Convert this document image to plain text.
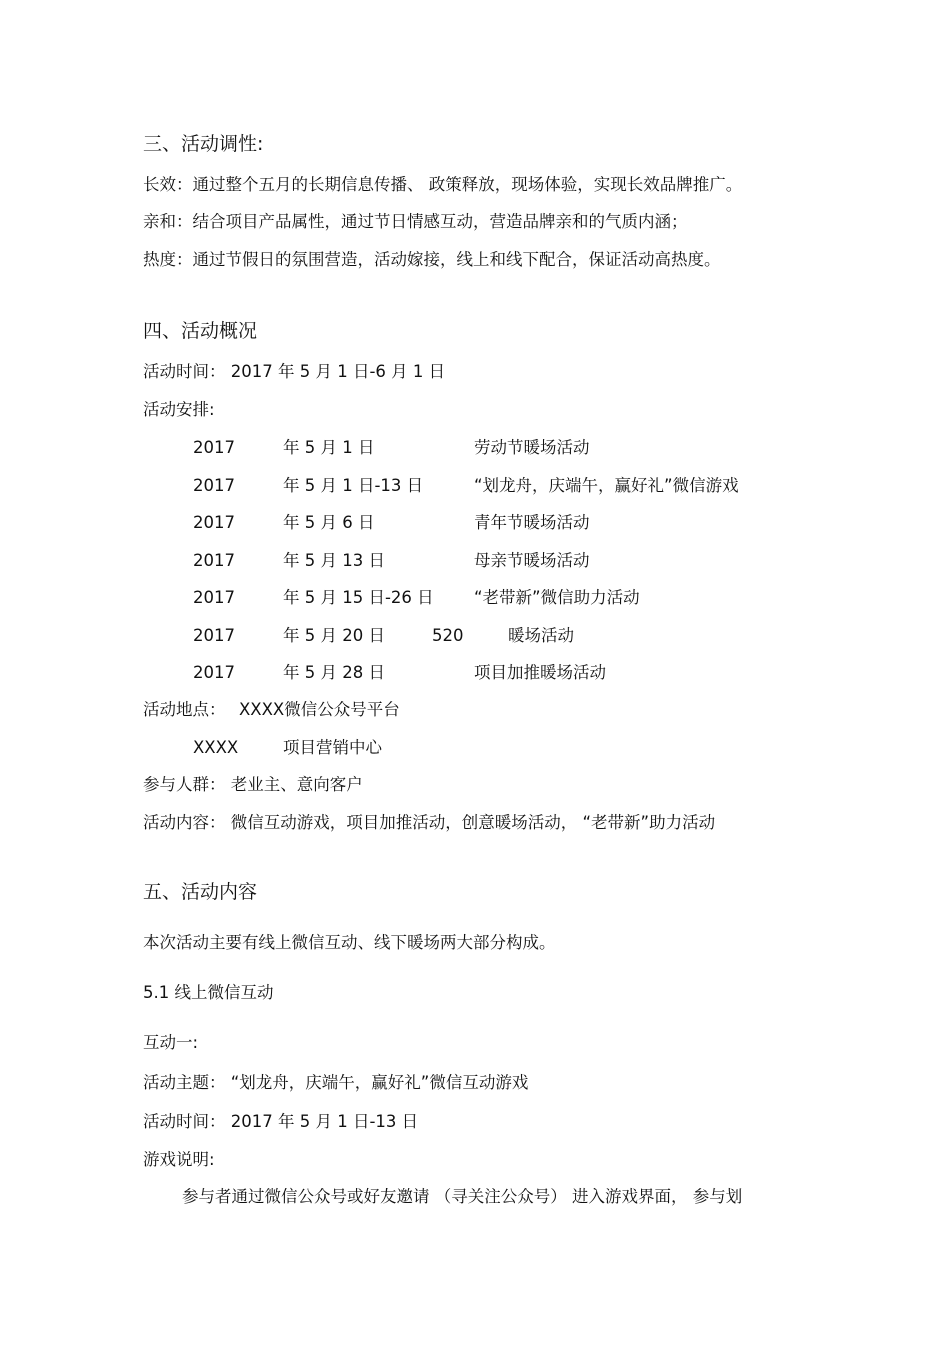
三、活动调性:
长效：通过整个五月的长期信息传播、 政策释放，现场体验，实现长效品牌推广。
亲和：结合项目产品属性，通过节日情感互动，营造品牌亲和的气质内涵；
热度：通过节假日的氛围营造，活动嫁接，线上和线下配合，保证活动高热度。
四、活动概况
活动时间： 2017 年 5 月 1 日-6 月 1 日
活动安排:
2017	年 5 月 1 日	劳动节暖场活动
2017	年 5 月 1 日-13 日	“划龙舟，庆端午，赢好礼”微信游戏
2017	年 5 月 6 日	青年节暖场活动
2017	年 5 月 13 日	母亲节暖场活动
2017	年 5 月 15 日-26 日 “老带新”微信助力活动
2017	年 5 月 20 日	520	暖场活动
2017	年 5 月 28 日	项目加推暖场活动
活动地点： XXXX微信公众号平台
XXXX	项目营销中心
参与人群： 老业主、意向客户
活动内容： 微信互动游戏，项目加推活动，创意暖场活动， “老带新”助力活动
五、活动内容
本次活动主要有线上微信互动、线下暖场两大部分构成。
5.1 线上微信互动
互动一:
活动主题： “划龙舟，庆端午，赢好礼”微信互动游戏
活动时间： 2017 年 5 月 1 日-13 日
游戏说明:
参与者通过微信公众号或好友邀请 （寻关注公众号） 进入游戏界面， 参与划
